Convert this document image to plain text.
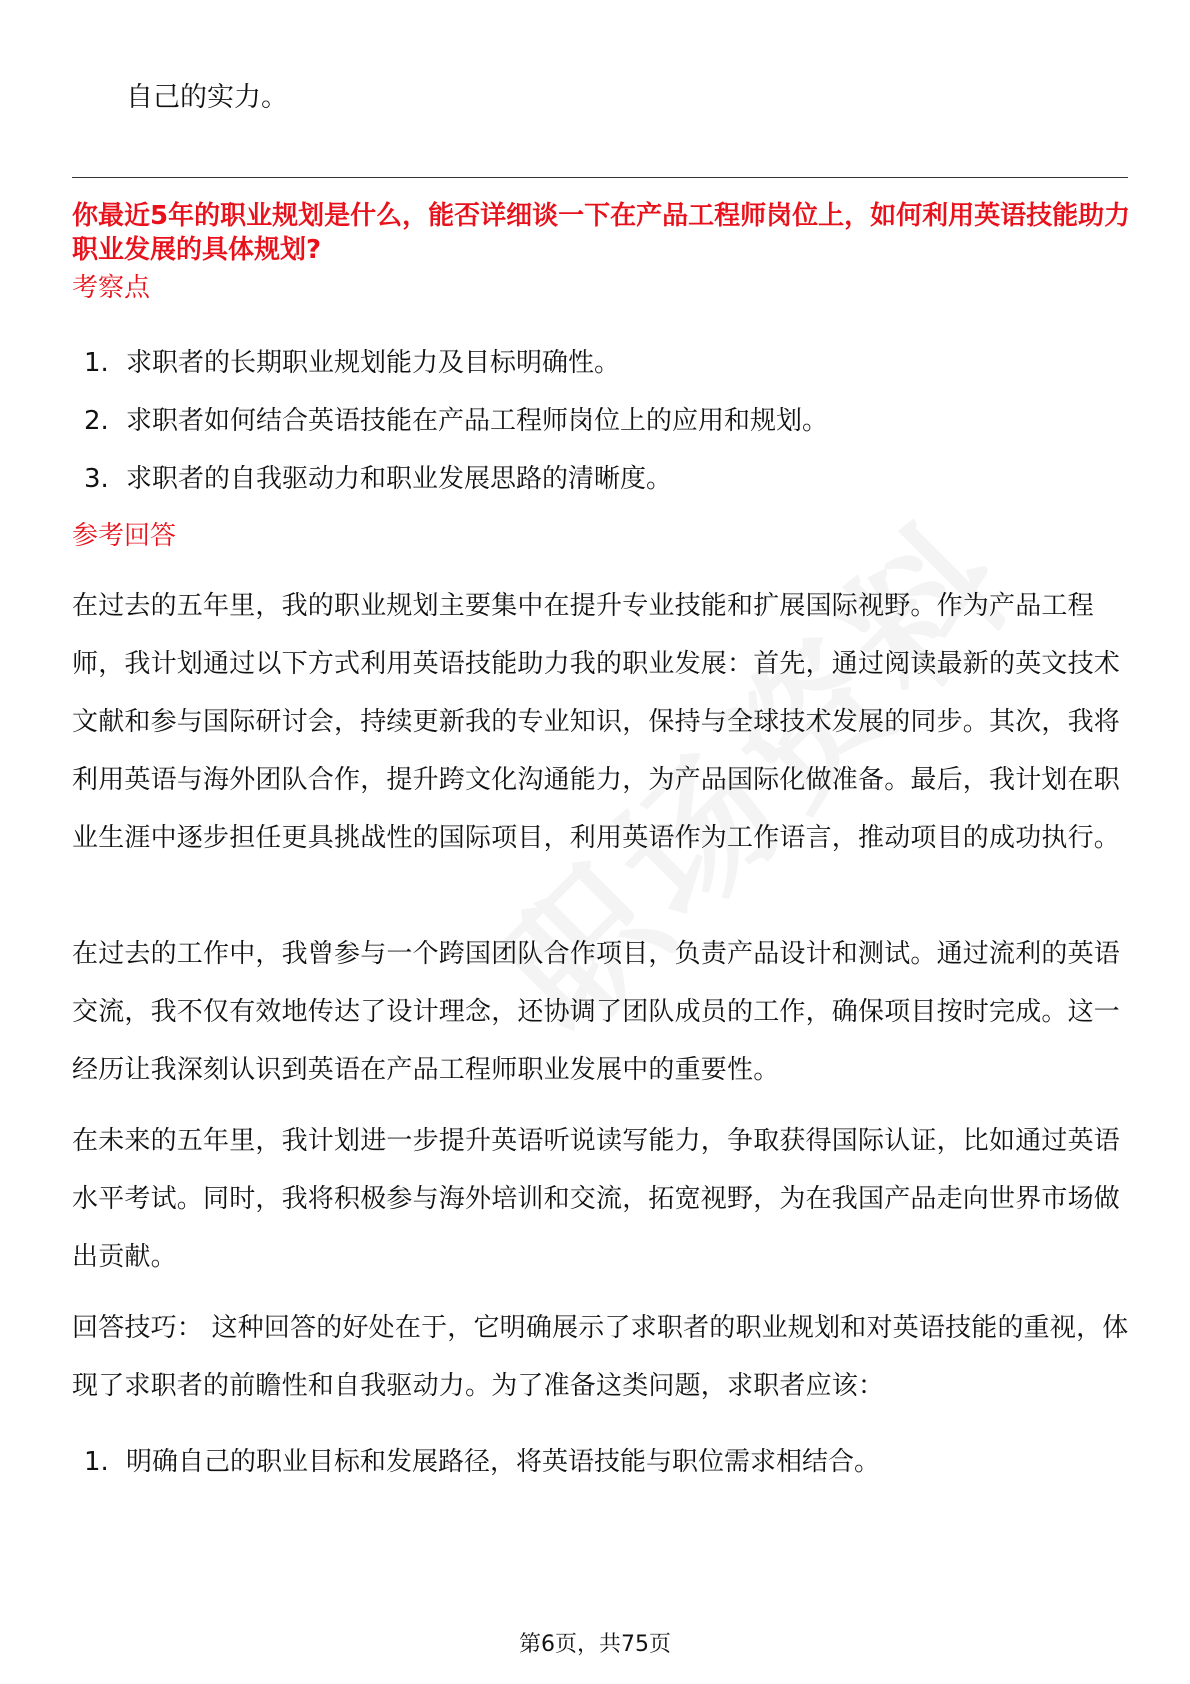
自己的实力。

你最近5年的职业规划是什么，能否详细谈一下在产品工程师岗位上，如何利用英语技能助力职业发展的具体规划?

考察点
1. 求职者的长期职业规划能力及目标明确性。
2. 求职者如何结合英语技能在产品工程师岗位上的应用和规划。
3. 求职者的自我驱动力和职业发展思路的清晰度。
参考回答

在过去的五年里，我的职业规划主要集中在提升专业技能和扩展国际视野。作为产品工程师，我计划通过以下方式利用英语技能助力我的职业发展：首先，通过阅读最新的英文技术文献和参与国际研讨会，持续更新我的专业知识，保持与全球技术发展的同步。其次，我将利用英语与海外团队合作，提升跨文化沟通能力，为产品国际化做准备。最后，我计划在职业生涯中逐步担任更具挑战性的国际项目，利用英语作为工作语言，推动项目的成功执行。

在过去的工作中，我曾参与一个跨国团队合作项目，负责产品设计和测试。通过流利的英语交流，我不仅有效地传达了设计理念，还协调了团队成员的工作，确保项目按时完成。这一经历让我深刻认识到英语在产品工程师职业发展中的重要性。

在未来的五年里，我计划进一步提升英语听说读写能力，争取获得国际认证，比如通过英语水平考试。同时，我将积极参与海外培训和交流，拓宽视野，为在我国产品走向世界市场做出贡献。

回答技巧： 这种回答的好处在于，它明确展示了求职者的职业规划和对英语技能的重视，体现了求职者的前瞻性和自我驱动力。为了准备这类问题，求职者应该：

1. 明确自己的职业目标和发展路径，将英语技能与职位需求相结合。
第6页，共75页
